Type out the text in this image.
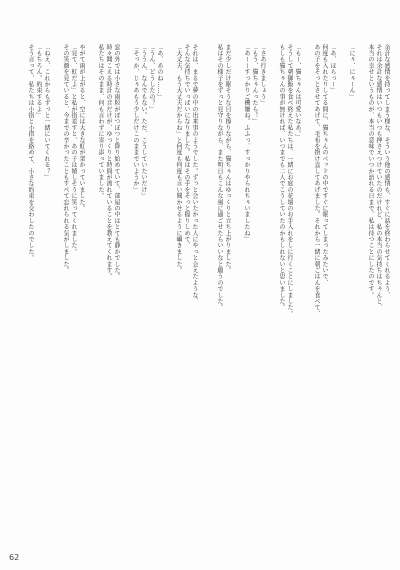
余計な感情を持ってしまう様な、そういう他の感情も、すぐに話を終わらせてくれるよう、
それは余計な感情はいつもいつも押さえつけていたのだけれど、私の本当の気持ちはちゃんと、
本当の幸せというものが、本当の意味でいつか訪れる日まで、私は待つことにしたのです。
「にゃ、にゃーん」
「あ、ほらっー」
何度も入れたりしてる間に、猫ちゃんのベッドの中ですぐに眠ってしまったみたいで、
あの子をそっとさせてあげて、毛布を掛け直してあげました。それから一緒に朝ごはんを食べて、
「もー、猫ちゃんは可愛いなあ。」
そうして朝御飯を食べ終えた私たちは、一緒にお庭の花壇のお手入れをしに行くことにしました。
もしも猫ちゃんの事が無ければ、いつまでも二人でこうしていたのかもしれないと思いました。
「さあ行きましょう」
「もう、猫ちゃんったら！」
「あーーすっかりご機嫌ね。ふふっ、すっかりやられちゃいましたね」
まだ少しだけ眠そうな目を擦りながら、猫ちゃんはゆっくりと立ち上がりました。
私はその様子をずっと見守りながら、また明日もこんな風に過ごせたらいいなと願うのでした。
それは、まるで夢の中の出来事のようでした。ずっと会いたかった人にやっと会えたような、
そんな気持ちでいっぱいになりました。私はその手をそっと握りしめて、
「大丈夫、もう大丈夫だからね」と何度も何度も言い聞かせるように囁きました。
「あ、あのね……」
「うん、どうしたの？」
「ううん、なんでもない。ただ、こうしていたいだけ」
「そっか、じゃあもう少しだけこのままでいようか」
窓の外では小さな雨粒がぽつぽつと降り始めていて、部屋の中はとても静かでした。
時々聞こえる時計の音だけが、ゆっくりと時間が流れていることを教えてくれます。
私たちはそのまま、何も言わずに寄り添っていました。
やがて雨が上がると、空には大きな虹が架かっていました。
「見て、虹だよ」と私が指差すと、あの子は嬉しそうに笑ってくれました。
その笑顔を見ていると、今までの辛かったこともすべて忘れられる気がしました。
「ねえ、これからもずっと一緒にいてくれる？」
「もちろん。約束するよ」
そう言って、私たちは小指と小指を絡めて、小さな約束を交わしたのでした。
62
